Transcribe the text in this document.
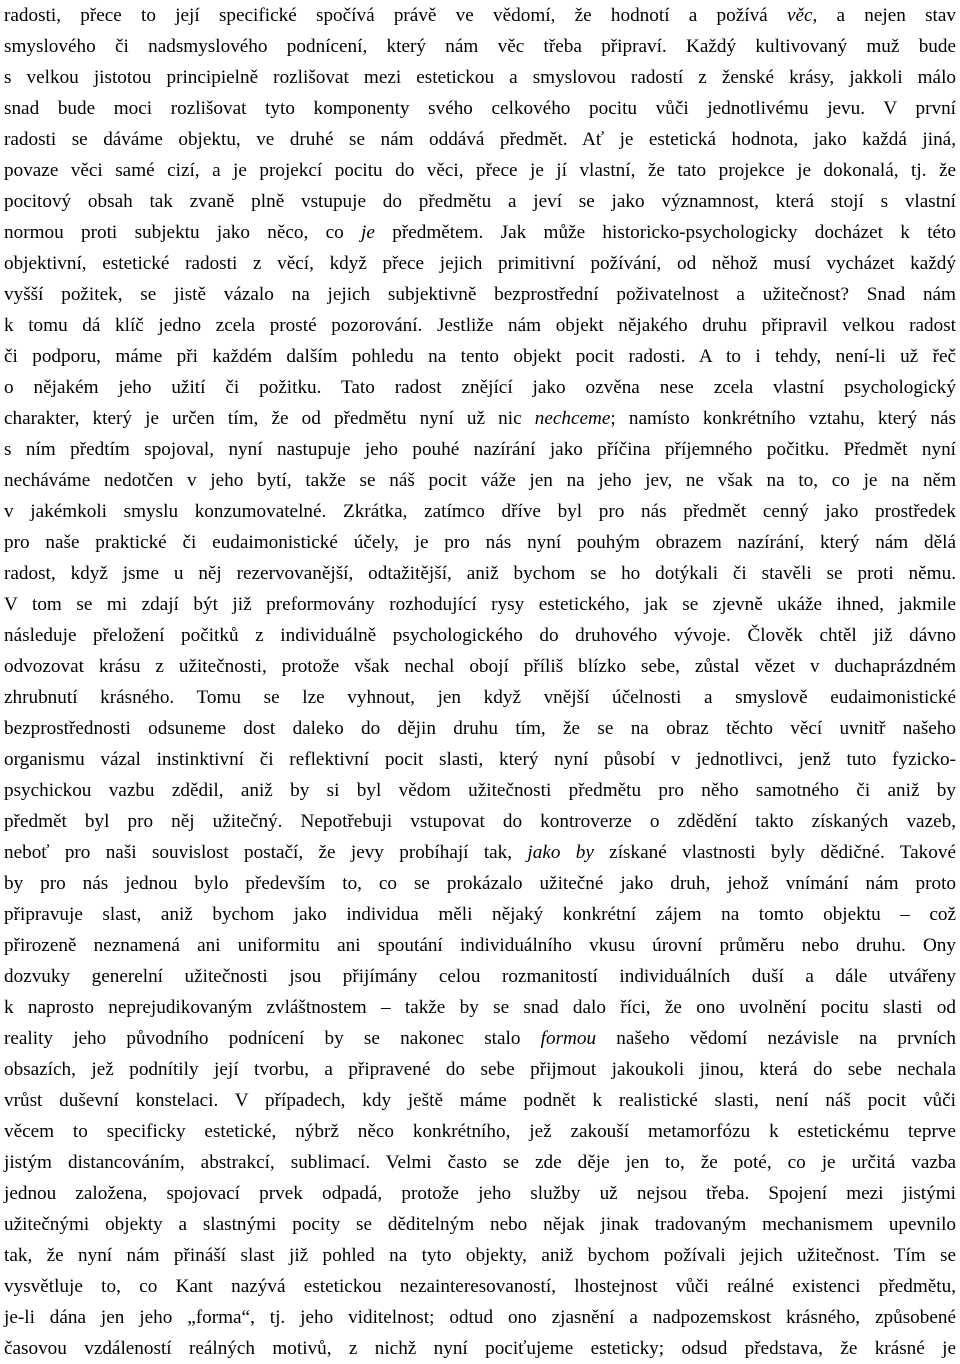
radosti, přece to její specifické spočívá právě ve vědomí, že hodnotí a požívá věc, a nejen stav
smyslového či nadsmyslového podnícení, který nám věc třeba připraví. Každý kultivovaný muž bude
s velkou jistotou principielně rozlišovat mezi estetickou a smyslovou radostí z ženské krásy, jakkoli málo
snad bude moci rozlišovat tyto komponenty svého celkového pocitu vůči jednotlivému jevu. V první
radosti se dáváme objektu, ve druhé se nám oddává předmět. Ať je estetická hodnota, jako každá jiná,
povaze věci samé cizí, a je projekcí pocitu do věci, přece je jí vlastní, že tato projekce je dokonalá, tj. že
pocitový obsah tak zvaně plně vstupuje do předmětu a jeví se jako významnost, která stojí s vlastní
normou proti subjektu jako něco, co je předmětem. Jak může historicko-psychologicky docházet k této
objektivní, estetické radosti z věcí, když přece jejich primitivní požívání, od něhož musí vycházet každý
vyšší požitek, se jistě vázalo na jejich subjektivně bezprostřední poživatelnost a užitečnost? Snad nám
k tomu dá klíč jedno zcela prosté pozorování. Jestliže nám objekt nějakého druhu připravil velkou radost
či podporu, máme při každém dalším pohledu na tento objekt pocit radosti. A to i tehdy, není-li už řeč
o nějakém jeho užití či požitku. Tato radost znějící jako ozvěna nese zcela vlastní psychologický
charakter, který je určen tím, že od předmětu nyní už nic nechceme; namísto konkrétního vztahu, který nás
s ním předtím spojoval, nyní nastupuje jeho pouhé nazírání jako příčina příjemného počitku. Předmět nyní
necháváme nedotčen v jeho bytí, takže se náš pocit váže jen na jeho jev, ne však na to, co je na něm
v jakémkoli smyslu konzumovatelné. Zkrátka, zatímco dříve byl pro nás předmět cenný jako prostředek
pro naše praktické či eudaimonistické účely, je pro nás nyní pouhým obrazem nazírání, který nám dělá
radost, když jsme u něj rezervovanější, odtažitější, aniž bychom se ho dotýkali či stavěli se proti němu.
V tom se mi zdají být již preformovány rozhodující rysy estetického, jak se zjevně ukáže ihned, jakmile
následuje přeložení počitků z individuálně psychologického do druhového vývoje. Člověk chtěl již dávno
odvozovat krásu z užitečnosti, protože však nechal obojí příliš blízko sebe, zůstal vězet v duchaprázdném
zhrubnutí krásného. Tomu se lze vyhnout, jen když vnější účelnosti a smyslově eudaimonistické
bezprostřednosti odsuneme dost daleko do dějin druhu tím, že se na obraz těchto věcí uvnitř našeho
organismu vázal instinktivní či reflektivní pocit slasti, který nyní působí v jednotlivci, jenž tuto fyzicko-
psychickou vazbu zdědil, aniž by si byl vědom užitečnosti předmětu pro něho samotného či aniž by
předmět byl pro něj užitečný. Nepotřebuji vstupovat do kontroverze o zdědění takto získaných vazeb,
neboť pro naši souvislost postačí, že jevy probíhají tak, jako by získané vlastnosti byly dědičné. Takové
by pro nás jednou bylo především to, co se prokázalo užitečné jako druh, jehož vnímání nám proto
připravuje slast, aniž bychom jako individua měli nějaký konkrétní zájem na tomto objektu – což
přirozeně neznamená ani uniformitu ani spoutání individuálního vkusu úrovní průměru nebo druhu. Ony
dozvuky generelní užitečnosti jsou přijímány celou rozmanitostí individuálních duší a dále utvářeny
k naprosto neprejudikovaným zvláštnostem – takže by se snad dalo říci, že ono uvolnění pocitu slasti od
reality jeho původního podnícení by se nakonec stalo formou našeho vědomí nezávisle na prvních
obsazích, jež podnítily její tvorbu, a připravené do sebe přijmout jakoukoli jinou, která do sebe nechala
vrůst duševní konstelaci. V případech, kdy ještě máme podnět k realistické slasti, není náš pocit vůči
věcem to specificky estetické, nýbrž něco konkrétního, jež zakouší metamorfózu k estetickému teprve
jistým distancováním, abstrakcí, sublimací. Velmi často se zde děje jen to, že poté, co je určitá vazba
jednou založena, spojovací prvek odpadá, protože jeho služby už nejsou třeba. Spojení mezi jistými
užitečnými objekty a slastnými pocity se děditelným nebo nějak jinak tradovaným mechanismem upevnilo
tak, že nyní nám přináší slast již pohled na tyto objekty, aniž bychom požívali jejich užitečnost. Tím se
vysvětluje to, co Kant nazývá estetickou nezainteresovaností, lhostejnost vůči reálné existenci předmětu,
je-li dána jen jeho „forma“, tj. jeho viditelnost; odtud ono zjasnění a nadpozemskost krásného, způsobené
časovou vzdáleností reálných motivů, z nichž nyní pociťujeme esteticky; odsud představa, že krásné je
